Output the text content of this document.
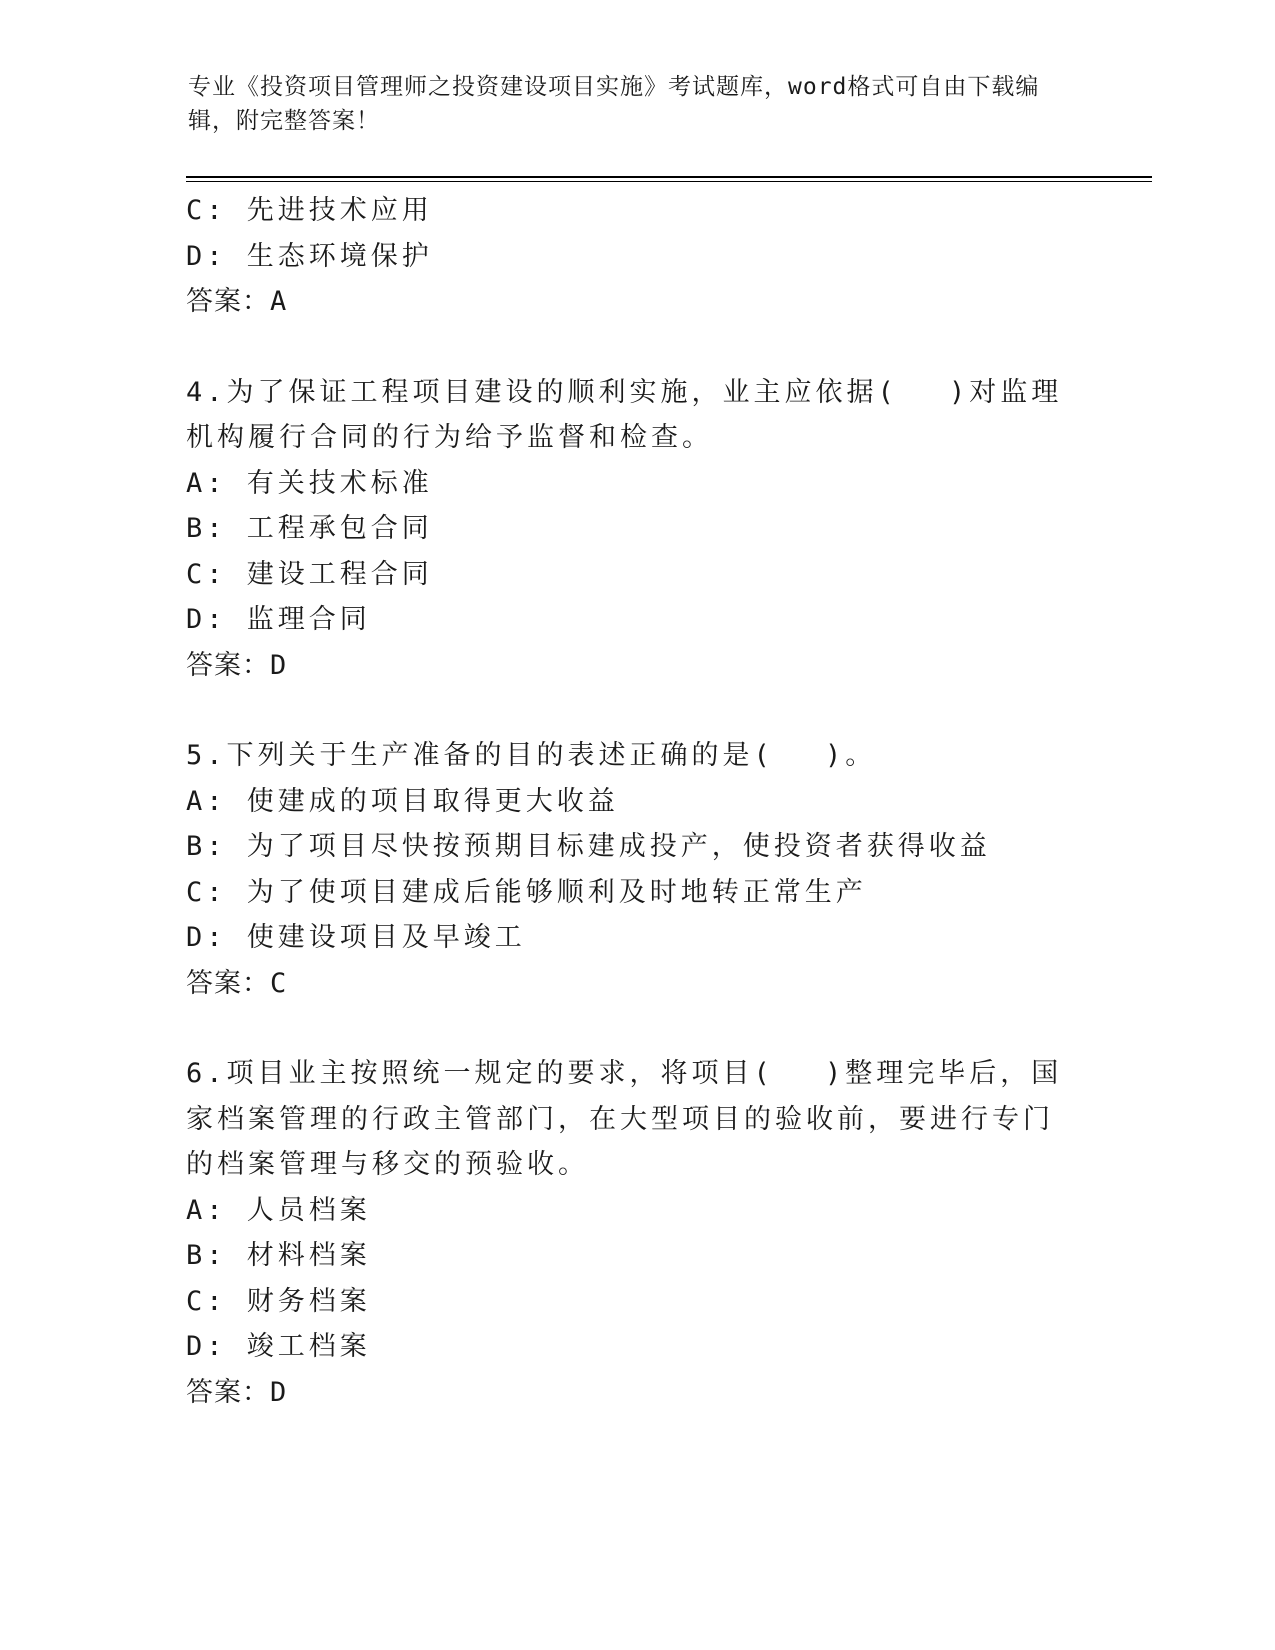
专业《投资项目管理师之投资建设项目实施》考试题库，word格式可自由下载编辑，附完整答案！
C: 先进技术应用
D: 生态环境保护
答案：A
4.为了保证工程项目建设的顺利实施，业主应依据(　 )对监理机构履行合同的行为给予监督和检查。
A: 有关技术标准
B: 工程承包合同
C: 建设工程合同
D: 监理合同
答案：D
5.下列关于生产准备的目的表述正确的是(　 )。
A: 使建成的项目取得更大收益
B: 为了项目尽快按预期目标建成投产，使投资者获得收益
C: 为了使项目建成后能够顺利及时地转正常生产
D: 使建设项目及早竣工
答案：C
6.项目业主按照统一规定的要求，将项目(　 )整理完毕后，国家档案管理的行政主管部门，在大型项目的验收前，要进行专门的档案管理与移交的预验收。
A: 人员档案
B: 材料档案
C: 财务档案
D: 竣工档案
答案：D
